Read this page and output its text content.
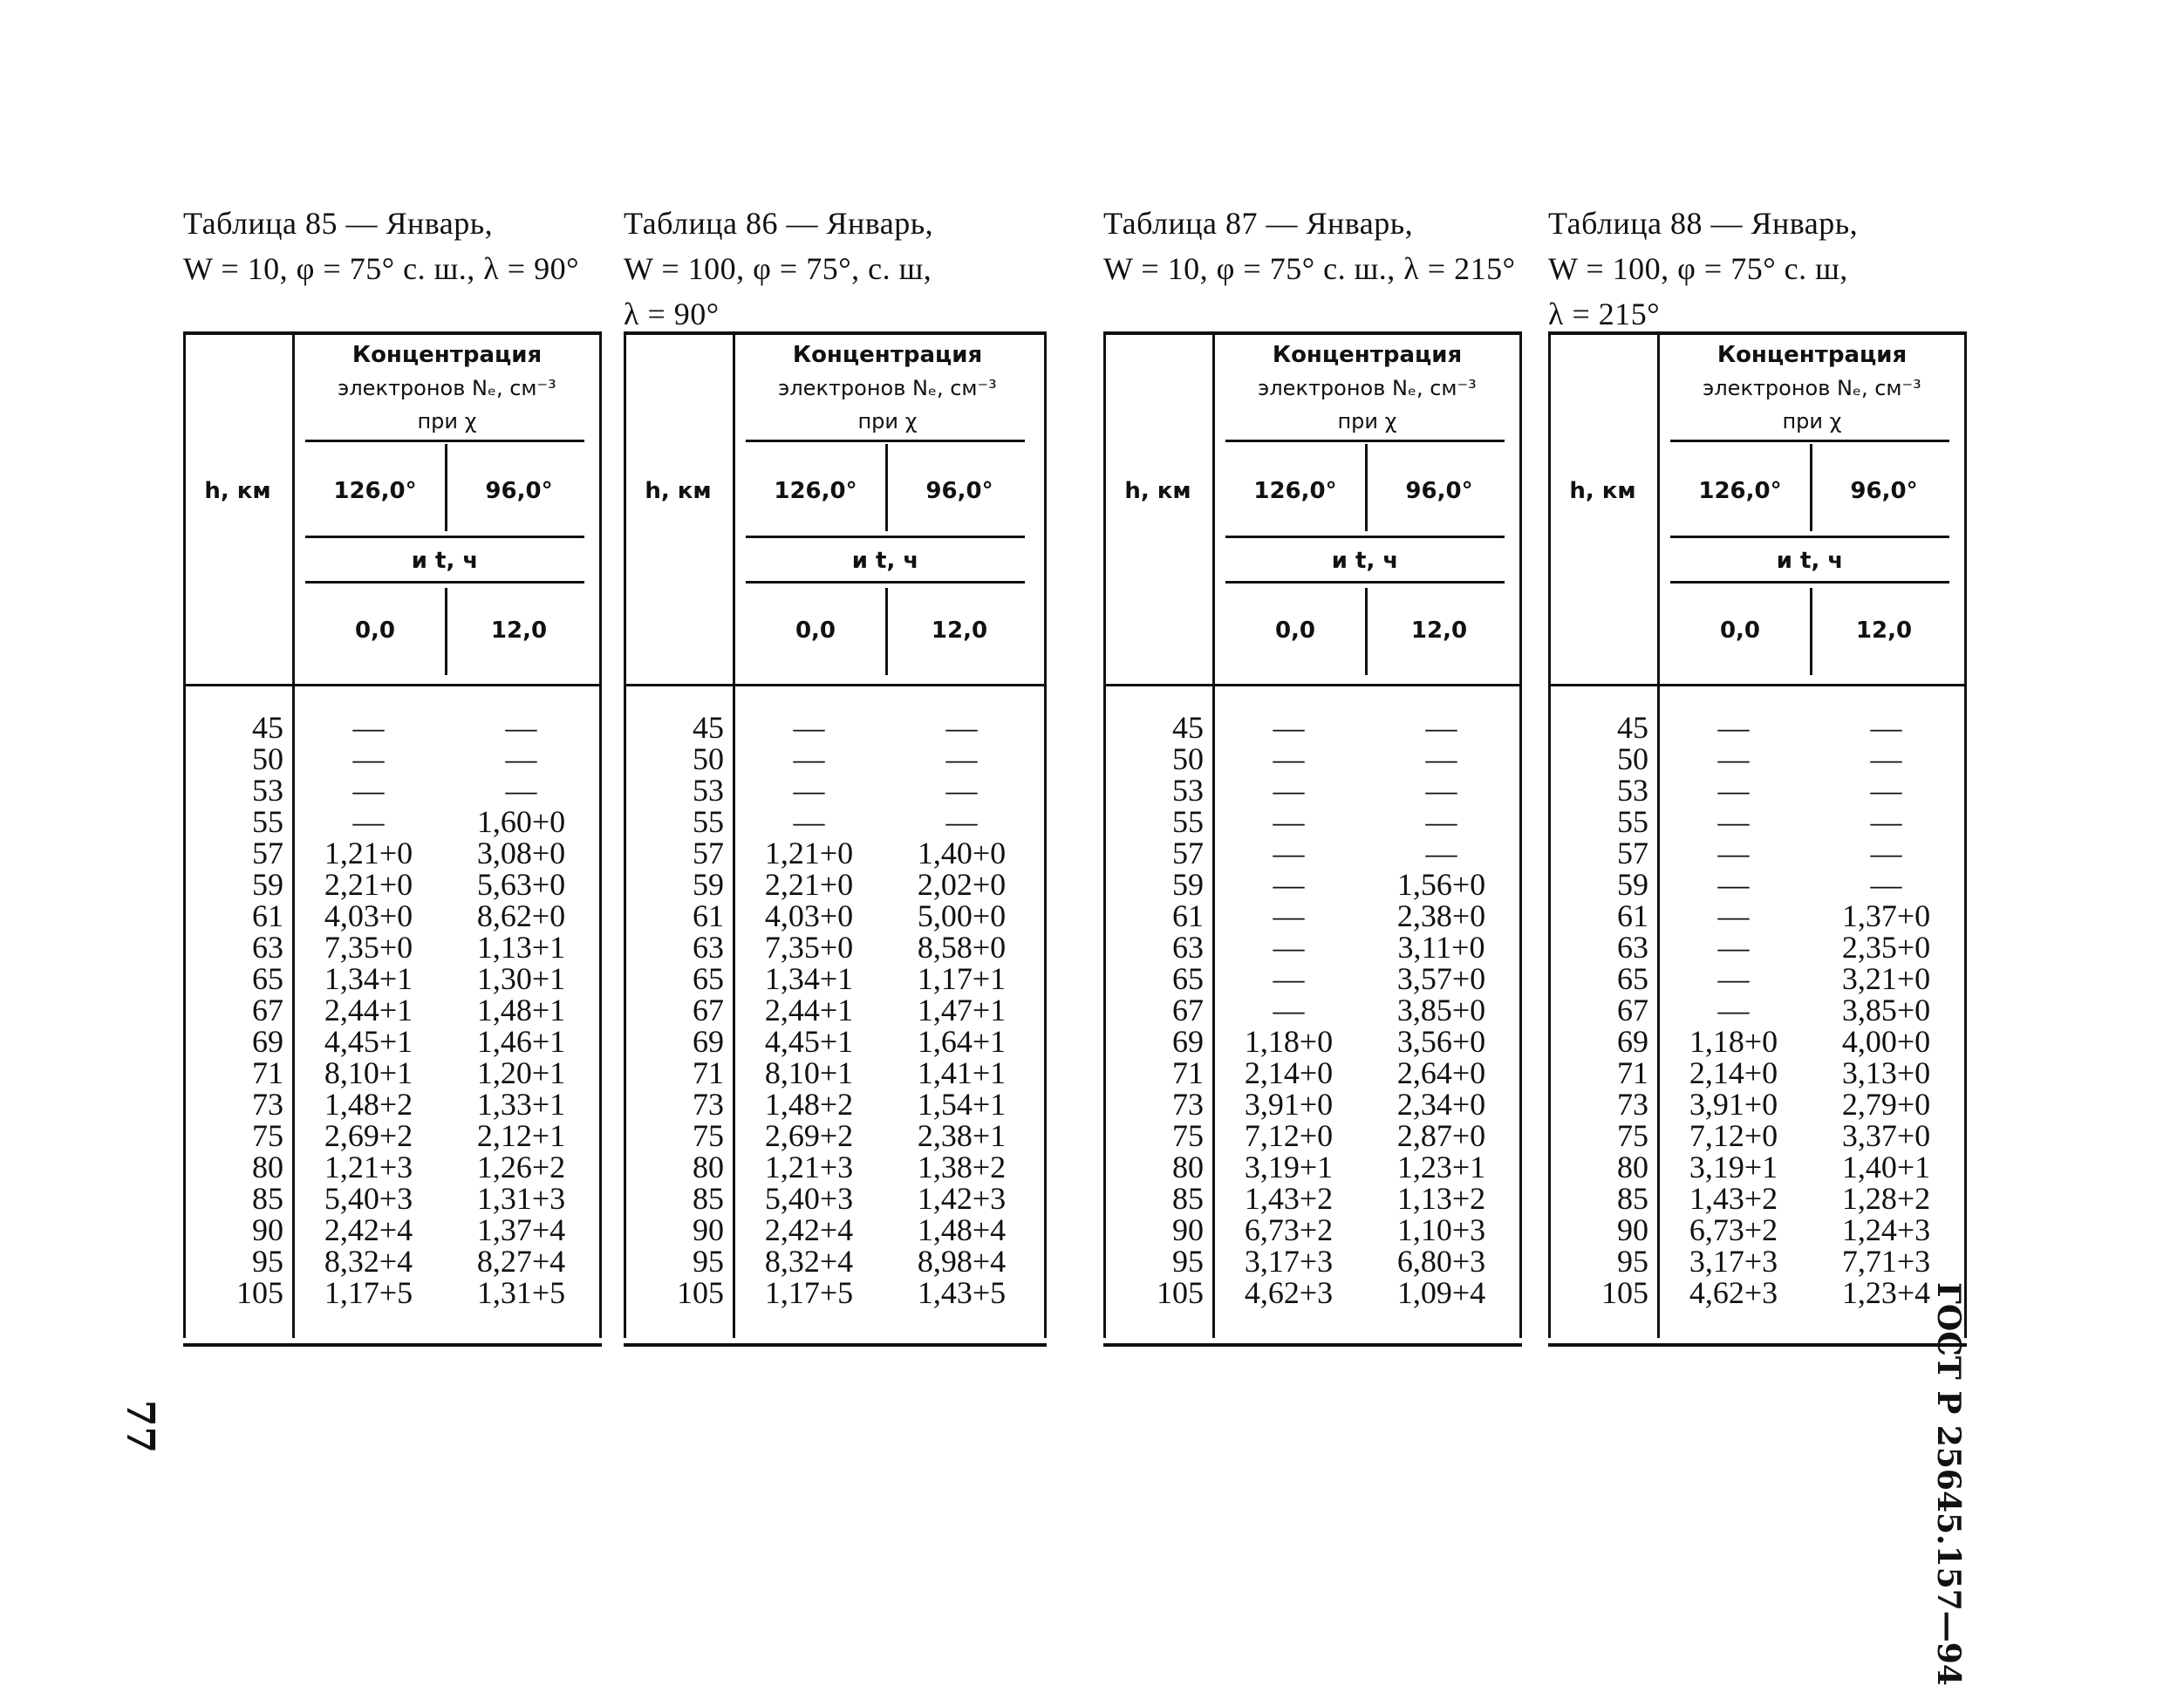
Таблица 85 — Январь,
W = 10, φ = 75° с. ш., λ = 90°
h, км
Концентрация
электронов Nₑ, см⁻³
при χ
126,0°	96,0°
и t, ч
0,0	12,0
45	—	—
50	—	—
53	—	—
55	—	1,60+0
57	1,21+0	3,08+0
59	2,21+0	5,63+0
61	4,03+0	8,62+0
63	7,35+0	1,13+1
65	1,34+1	1,30+1
67	2,44+1	1,48+1
69	4,45+1	1,46+1
71	8,10+1	1,20+1
73	1,48+2	1,33+1
75	2,69+2	2,12+1
80	1,21+3	1,26+2
85	5,40+3	1,31+3
90	2,42+4	1,37+4
95	8,32+4	8,27+4
105	1,17+5	1,31+5
Таблица 86 — Январь,
W = 100, φ = 75°, с. ш,
λ = 90°
h, км
Концентрация
электронов Nₑ, см⁻³
при χ
126,0°	96,0°
и t, ч
0,0	12,0
45	—	—
50	—	—
53	—	—
55	—	—
57	1,21+0	1,40+0
59	2,21+0	2,02+0
61	4,03+0	5,00+0
63	7,35+0	8,58+0
65	1,34+1	1,17+1
67	2,44+1	1,47+1
69	4,45+1	1,64+1
71	8,10+1	1,41+1
73	1,48+2	1,54+1
75	2,69+2	2,38+1
80	1,21+3	1,38+2
85	5,40+3	1,42+3
90	2,42+4	1,48+4
95	8,32+4	8,98+4
105	1,17+5	1,43+5
Таблица 87 — Январь,
W = 10, φ = 75° с. ш., λ = 215°
h, км
Концентрация
электронов Nₑ, см⁻³
при χ
126,0°	96,0°
и t, ч
0,0	12,0
45	—	—
50	—	—
53	—	—
55	—	—
57	—	—
59	—	1,56+0
61	—	2,38+0
63	—	3,11+0
65	—	3,57+0
67	—	3,85+0
69	1,18+0	3,56+0
71	2,14+0	2,64+0
73	3,91+0	2,34+0
75	7,12+0	2,87+0
80	3,19+1	1,23+1
85	1,43+2	1,13+2
90	6,73+2	1,10+3
95	3,17+3	6,80+3
105	4,62+3	1,09+4
Таблица 88 — Январь,
W = 100, φ = 75° с. ш,
λ = 215°
h, км
Концентрация
электронов Nₑ, см⁻³
при χ
126,0°	96,0°
и t, ч
0,0	12,0
45	—	—
50	—	—
53	—	—
55	—	—
57	—	—
59	—	—
61	—	1,37+0
63	—	2,35+0
65	—	3,21+0
67	—	3,85+0
69	1,18+0	4,00+0
71	2,14+0	3,13+0
73	3,91+0	2,79+0
75	7,12+0	3,37+0
80	3,19+1	1,40+1
85	1,43+2	1,28+2
90	6,73+2	1,24+3
95	3,17+3	7,71+3
105	4,62+3	1,23+4
77	ГОСТ Р 25645.157—94
